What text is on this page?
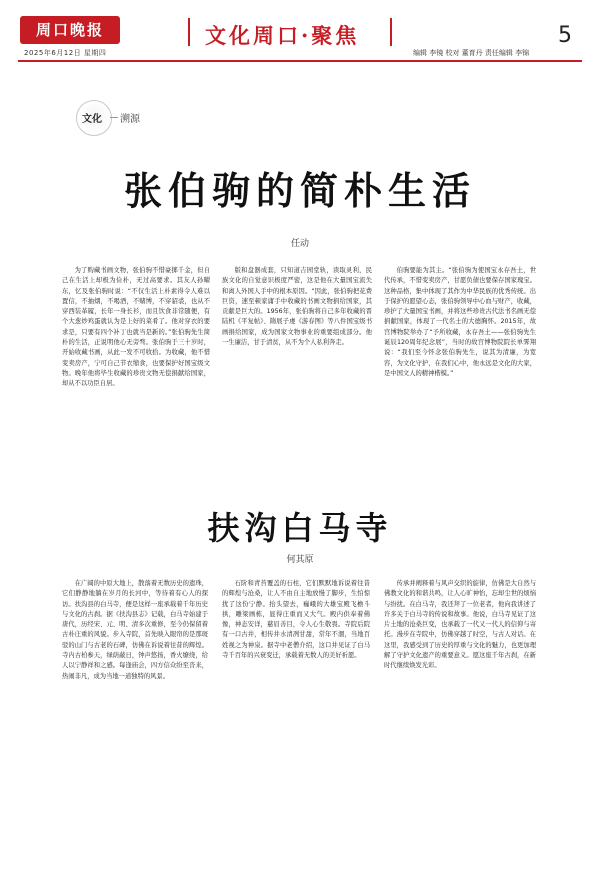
周口晚报
2025年6月12日 星期四
文化周口·聚焦
编辑 李镜 校对 董育丹 责任编辑 李锦
5
文化 溯源
张伯驹的简朴生活
任动

为了购藏书画文物，张伯驹不惜豪掷千金，但自己在生活上却极为俭朴，无过高要求。其友人孙曜东，忆及张伯驹时说：“不仅生活上朴素得令人难以置信，不抽烟，不喝酒，不赌博，不穿貂裘，也从不穿西装革履，长年一身长衫，而且饮食非常随便，有个大葱炒鸡蛋就认为是上好的菜肴了。他对穿衣的要求是，只要有四个补丁也就当是新的。”张伯驹先生简朴的生活，正说明他心无旁骛。张伯驹于三十岁时，开始收藏书画，从此一发不可收拾。为收藏，他不惜变卖房产，宁可自己节衣缩食，也要保护好国宝级文物。晚年他将毕生收藏的珍贵文物无偿捐献给国家，却从不以功臣自居。

版和盘器成套，只知道吉园堂轨，读取灵利，民族文化的自觉意识极度严密，这是他在大量国宝流失和离人外国人手中的根本原因。“因此，张伯驹把花费巨资，速至顿家庸手中收藏的书画文物捐给国家，其贡献是巨大的。1956年，张伯驹将自己多年收藏的晋陆机《平复帖》、隋展子虔《游春图》等八件国宝级书画捐给国家，成为国家文物事业的重要组成部分。他一生廉洁，甘于清贫，从不为个人私利奔走。

伯驹要能为其主。“张伯驹为使国宝永存吾土，世代传承，不惜变卖房产，甘愿负债也要保存国家瑰宝。这种品格，集中体现了其作为中华民族的优秀传统。出于保护的愿望心态，张伯驹领导中心血与财产，收藏，珍护了大量国宝书画，并将这些珍贵古代法书名画无偿捐献国家，体现了一代名士的大德胸怀。2015年，故宫博物院举办了“予所收藏，永存吾土——张伯驹先生诞辰120周年纪念展”，当时的故宫博物院院长单霁翔说：“我们至今怀念张伯驹先生，说其为清廉，为宽容，为文化守护，在我们心中，他永远是文化的大家，是中国文人的精神楷模。”

扶沟白马寺
何其原

在广阔的中原大地上，散落着无数历史的遗珠，它们静静地躺在岁月的长河中，等待着有心人的探访。扶沟县的白马寺，便是这样一座承载着千年历史与文化的古刹。据《扶沟县志》记载，白马寺始建于唐代，历经宋、元、明、清多次重修，至今仍保留着古朴庄重的风貌。步入寺院，首先映入眼帘的是那斑驳的山门与古老的石碑，仿佛在诉说着往昔的辉煌。寺内古柏参天，绿荫蔽日，钟声悠扬，香火缭绕，给人以宁静祥和之感。每逢庙会，四方信众纷至沓来，热闹非凡，成为当地一道独特的风景。

石阶和青苔覆盖的石柱，它们默默地诉说着往昔的辉煌与沧桑，让人不由自主地放慢了脚步，生怕惊扰了这份宁静。抬头望去，巍峨的大雄宝殿飞檐斗拱，雕梁画栋，显得庄重而又大气。殿内供奉着佛像，神态安详，慈眉善目，令人心生敬畏。寺院后院有一口古井，相传井水清冽甘甜，常年不涸，当地百姓视之为神泉。据寺中老僧介绍，这口井见证了白马寺千百年的兴衰变迁，承载着无数人的美好祈愿。

传承并阐释着与风声交织的旋律，仿佛是大自然与佛教文化的和谐共鸣，让人心旷神怡，忘却尘世的烦恼与纷扰。在白马寺，我还拜了一位老者，他向我讲述了许多关于白马寺的传说和故事。他说，白马寺见证了这片土地的沧桑巨变，也承载了一代又一代人的信仰与寄托。漫步在寺院中，仿佛穿越了时空，与古人对话。在这里，我感受到了历史的厚重与文化的魅力，也更加理解了守护文化遗产的重要意义。愿这座千年古刹，在新时代继续焕发光彩。
